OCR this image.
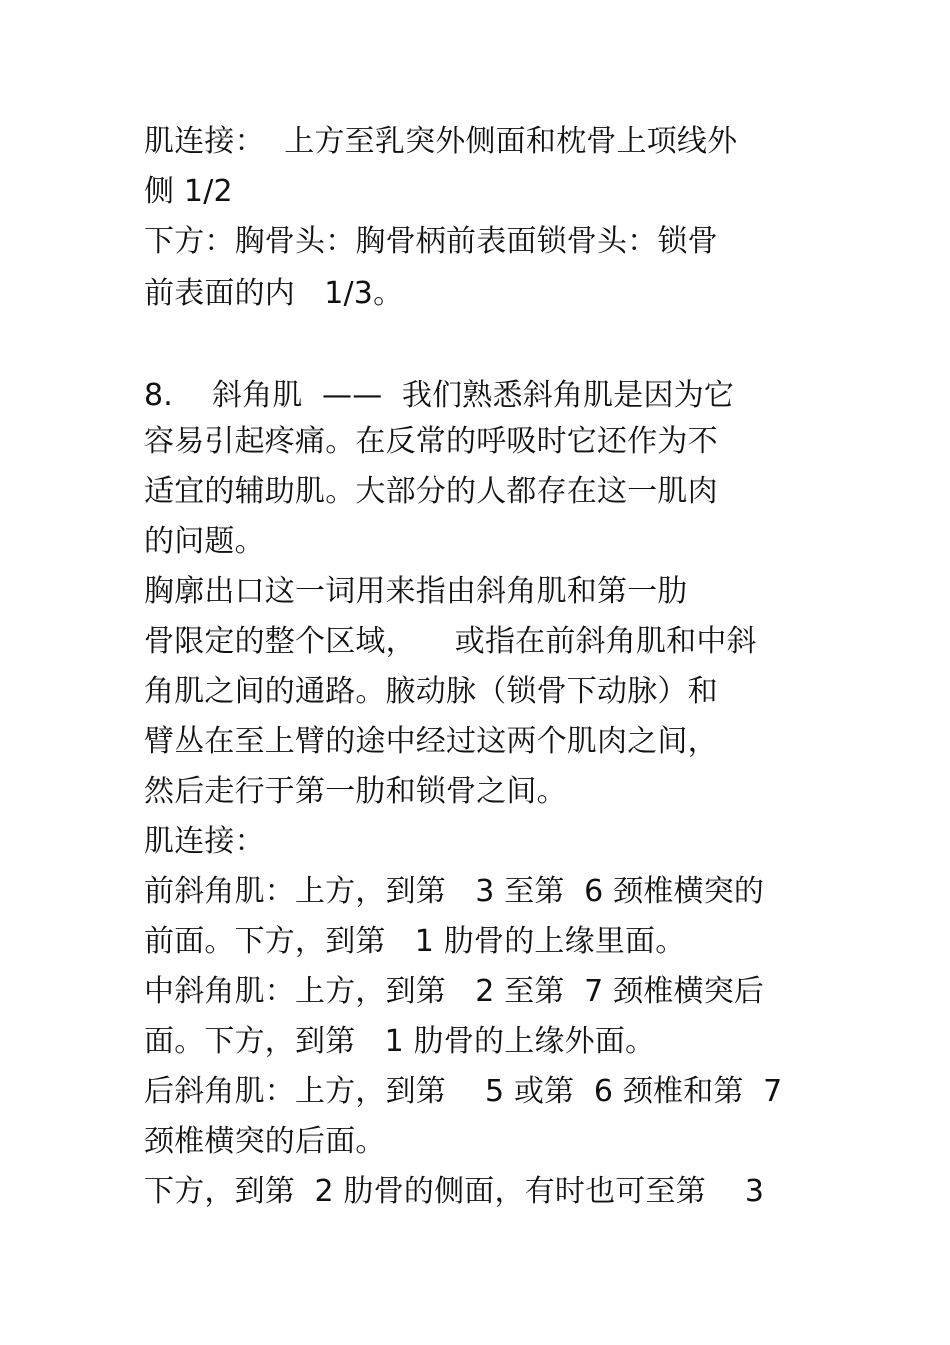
肌连接：  上方至乳突外侧面和枕骨上项线外
侧 1/2
下方：胸骨头：胸骨柄前表面锁骨头：锁骨
前表面的内   1/3。
8.    斜角肌  ——  我们熟悉斜角肌是因为它
容易引起疼痛。在反常的呼吸时它还作为不
适宜的辅助肌。大部分的人都存在这一肌肉
的问题。
胸廓出口这一词用来指由斜角肌和第一肋
骨限定的整个区域，    或指在前斜角肌和中斜
角肌之间的通路。腋动脉（锁骨下动脉）和
臂丛在至上臂的途中经过这两个肌肉之间，
然后走行于第一肋和锁骨之间。
肌连接：
前斜角肌：上方，到第   3 至第  6 颈椎横突的
前面。下方，到第   1 肋骨的上缘里面。
中斜角肌：上方，到第   2 至第  7 颈椎横突后
面。下方，到第   1 肋骨的上缘外面。
后斜角肌：上方，到第    5 或第  6 颈椎和第  7
颈椎横突的后面。
下方，到第  2 肋骨的侧面，有时也可至第    3
